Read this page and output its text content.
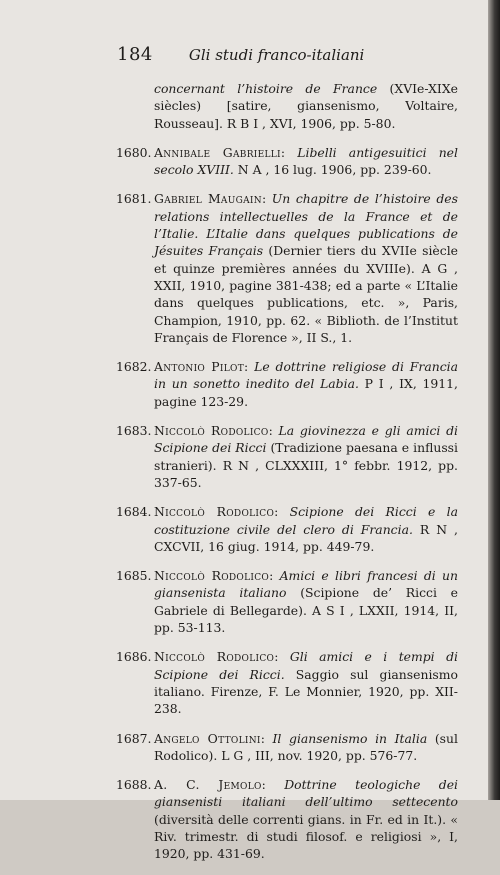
184 Gli studi franco-italiani
concernant l’histoire de France (XVIe-XIXe siècles) [satire, giansenismo, Voltaire, Rousseau]. R B I , XVI, 1906, pp. 5-80.
1680. Annibale Gabrielli: Libelli antigesuitici nel secolo XVIII. N A , 16 lug. 1906, pp. 239-60.
1681. Gabriel Maugain: Un chapitre de l’histoire des relations intellectuelles de la France et de l’Italie. L’Italie dans quelques publications de Jésuites Français (Dernier tiers du XVIIe siècle et quinze premières années du XVIIIe). A G , XXII, 1910, pagine 381-438; ed a parte « L’Italie dans quelques publications, etc. », Paris, Champion, 1910, pp. 62. « Biblioth. de l’Institut Français de Florence », II S., 1.
1682. Antonio Pilot: Le dottrine religiose di Francia in un sonetto inedito del Labia. P I , IX, 1911, pagine 123-29.
1683. Niccolò Rodolico: La giovinezza e gli amici di Scipione dei Ricci (Tradizione paesana e influssi stranieri). R N , CLXXXIII, 1° febbr. 1912, pp. 337-65.
1684. Niccolò Rodolico: Scipione dei Ricci e la costituzione civile del clero di Francia. R N , CXCVII, 16 giug. 1914, pp. 449-79.
1685. Niccolò Rodolico: Amici e libri francesi di un giansenista italiano (Scipione de’ Ricci e Gabriele di Bellegarde). A S I , LXXII, 1914, II, pp. 53-113.
1686. Niccolò Rodolico: Gli amici e i tempi di Scipione dei Ricci. Saggio sul giansenismo italiano. Firenze, F. Le Monnier, 1920, pp. XII-238.
1687. Angelo Ottolini: Il giansenismo in Italia (sul Rodolico). L G , III, nov. 1920, pp. 576-77.
1688. A. C. Jemolo: Dottrine teologiche dei giansenisti italiani dell’ultimo settecento (diversità delle correnti gians. in Fr. ed in It.). « Riv. trimestr. di studi filosof. e religiosi », I, 1920, pp. 431-69.
